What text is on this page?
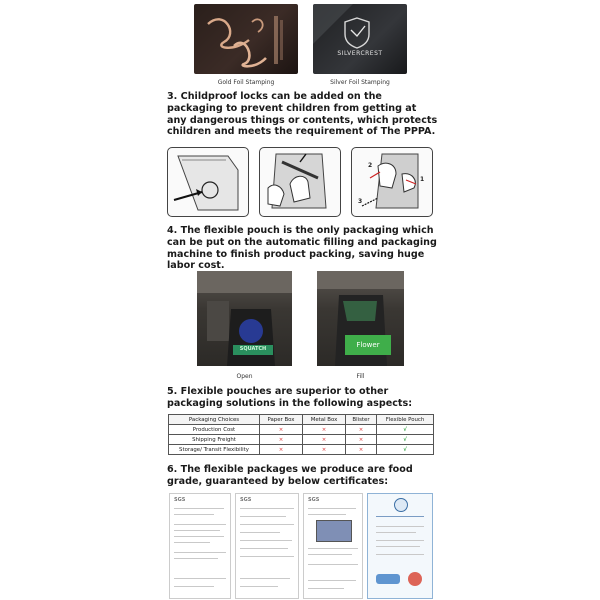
SILVERCREST
Gold Foil Stamping	Silver Foil Stamping
3. Childproof locks can be added on the packaging to prevent children from getting at any dangerous things or contents, which protects children and meets the requirement of The PPPA.
1
2
3
4. The flexible pouch is the only packaging which can be put on the automatic filling and packaging machine to finish product packing, saving huge labor cost.
SQUATCH	Flower
Open	Fill
5. Flexible pouches are superior to other packaging solutions in the following aspects:
Packaging Choices	Paper Box	Metal Box	Blister	Flexible Pouch
Production Cost	×	×	×	√
Shipping Freight	×	×	×	√
Storage/ Transit Flexibility	×	×	×	√
6. The flexible packages we produce are food grade, guaranteed by below certificates:
SGS	SGS	SGS
